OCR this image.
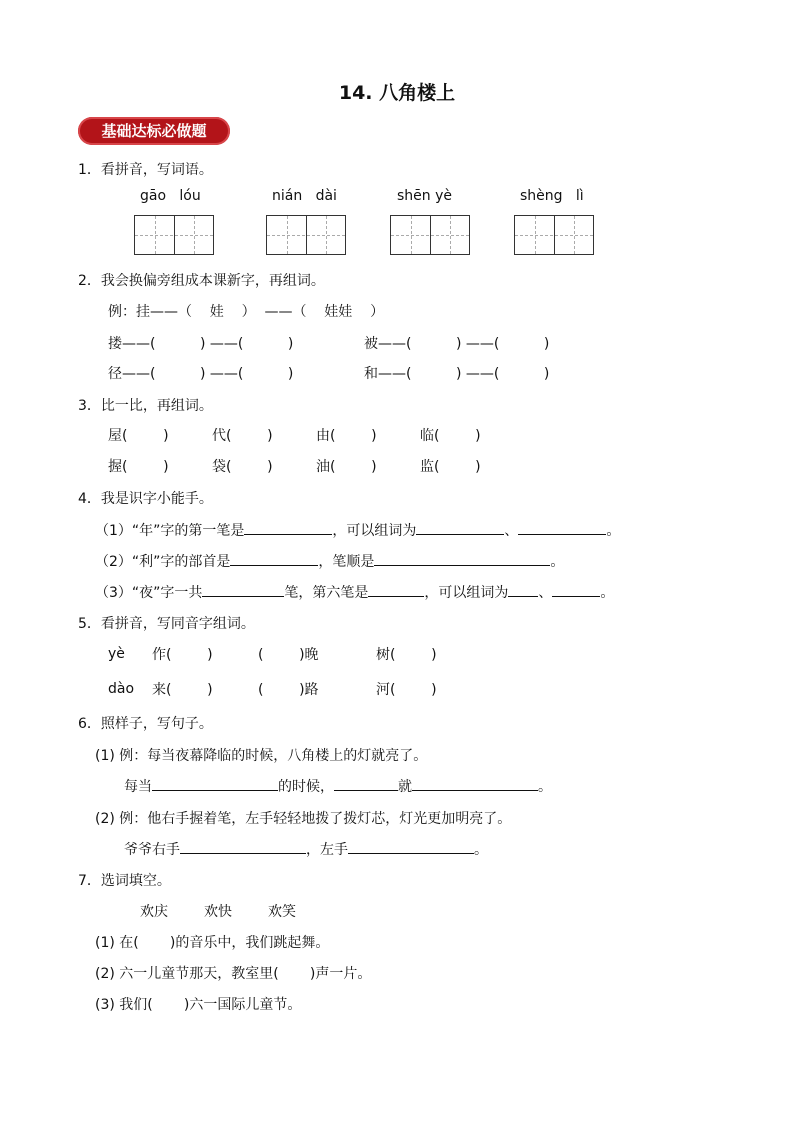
14. 八角楼上
基础达标必做题
1．看拼音，写词语。
gāo   lóu	nián   dài	shēn yè	shèng   lì
2．我会换偏旁组成本课新字，再组词。
例：挂——（    娃    ）  ——（    娃娃    ）
搂——(          ) ——(          )	被——(          ) ——(          )
径——(          ) ——(          )	和——(          ) ——(          )
3．比一比，再组词。
屋(        )	代(        )	由(        )	临(        )
握(        )	袋(        )	油(        )	监(        )
4．我是识字小能手。
（1）“年”字的第一笔是	，可以组词为	、	。
（2）“利”字的部首是	，笔顺是	。
（3）“夜”字一共	笔，第六笔是	，可以组词为 、	。
5．看拼音，写同音字组词。
yè 作(        )	(        )晚	树(        )
dào 来(        )	(        )路	河(        )
6．照样子，写句子。
(1) 例：每当夜幕降临的时候，八角楼上的灯就亮了。
每当	的时候，	就	。
(2) 例：他右手握着笔，左手轻轻地拨了拨灯芯，灯光更加明亮了。
爷爷右手	，左手	。
7．选词填空。
欢庆	欢快	欢笑
(1) 在(       )的音乐中，我们跳起舞。
(2) 六一儿童节那天，教室里(       )声一片。
(3) 我们(       )六一国际儿童节。
